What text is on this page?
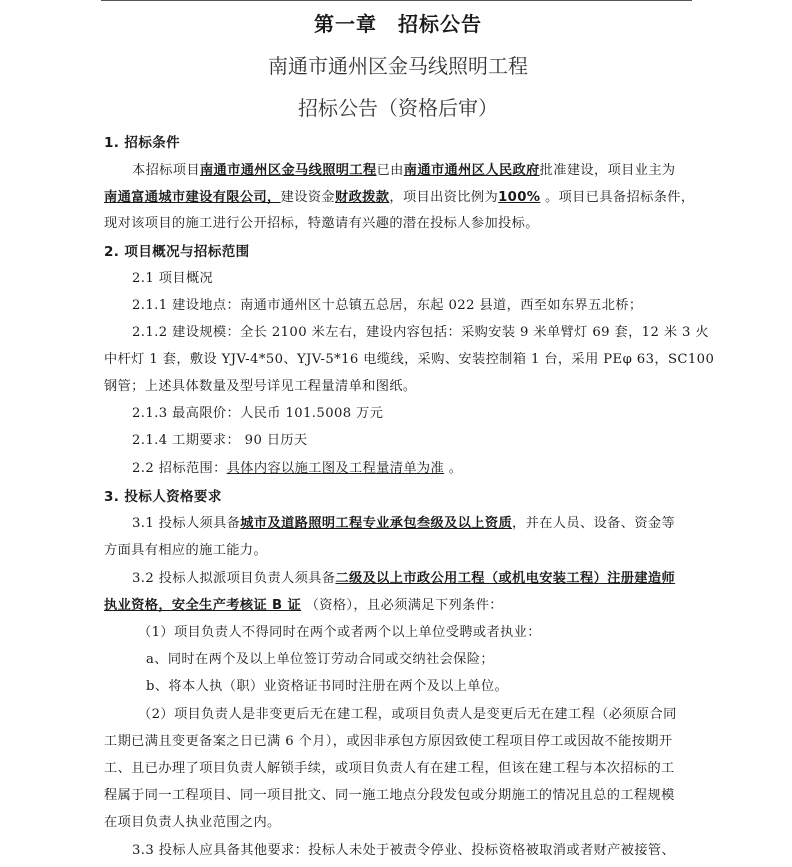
第一章　招标公告
南通市通州区金马线照明工程
招标公告（资格后审）
1. 招标条件
本招标项目南通市通州区金马线照明工程已由南通市通州区人民政府批准建设，项目业主为
南通富通城市建设有限公司，建设资金财政拨款，项目出资比例为100% 。项目已具备招标条件，
现对该项目的施工进行公开招标，特邀请有兴趣的潜在投标人参加投标。
2. 项目概况与招标范围
2.1 项目概况
2.1.1 建设地点：南通市通州区十总镇五总居，东起 022 县道，西至如东界五北桥；
2.1.2 建设规模：全长 2100 米左右，建设内容包括：采购安装 9 米单臂灯 69 套，12 米 3 火
中杆灯 1 套，敷设 YJV-4*50、YJV-5*16 电缆线，采购、安装控制箱 1 台，采用 PEφ 63，SC100
钢管；上述具体数量及型号详见工程量清单和图纸。
2.1.3 最高限价：人民币 101.5008 万元
2.1.4 工期要求： 90 日历天
2.2 招标范围：具体内容以施工图及工程量清单为准 。
3. 投标人资格要求
3.1 投标人须具备城市及道路照明工程专业承包叁级及以上资质，并在人员、设备、资金等
方面具有相应的施工能力。
3.2 投标人拟派项目负责人须具备二级及以上市政公用工程（或机电安装工程）注册建造师
执业资格，安全生产考核证 B 证 （资格），且必须满足下列条件：
（1）项目负责人不得同时在两个或者两个以上单位受聘或者执业：
a、同时在两个及以上单位签订劳动合同或交纳社会保险；
b、将本人执（职）业资格证书同时注册在两个及以上单位。
（2）项目负责人是非变更后无在建工程，或项目负责人是变更后无在建工程（必须原合同
工期已满且变更备案之日已满 6 个月），或因非承包方原因致使工程项目停工或因故不能按期开
工、且已办理了项目负责人解锁手续，或项目负责人有在建工程，但该在建工程与本次招标的工
程属于同一工程项目、同一项目批文、同一施工地点分段发包或分期施工的情况且总的工程规模
在项目负责人执业范围之内。
3.3 投标人应具备其他要求：投标人未处于被责令停业、投标资格被取消或者财产被接管、
